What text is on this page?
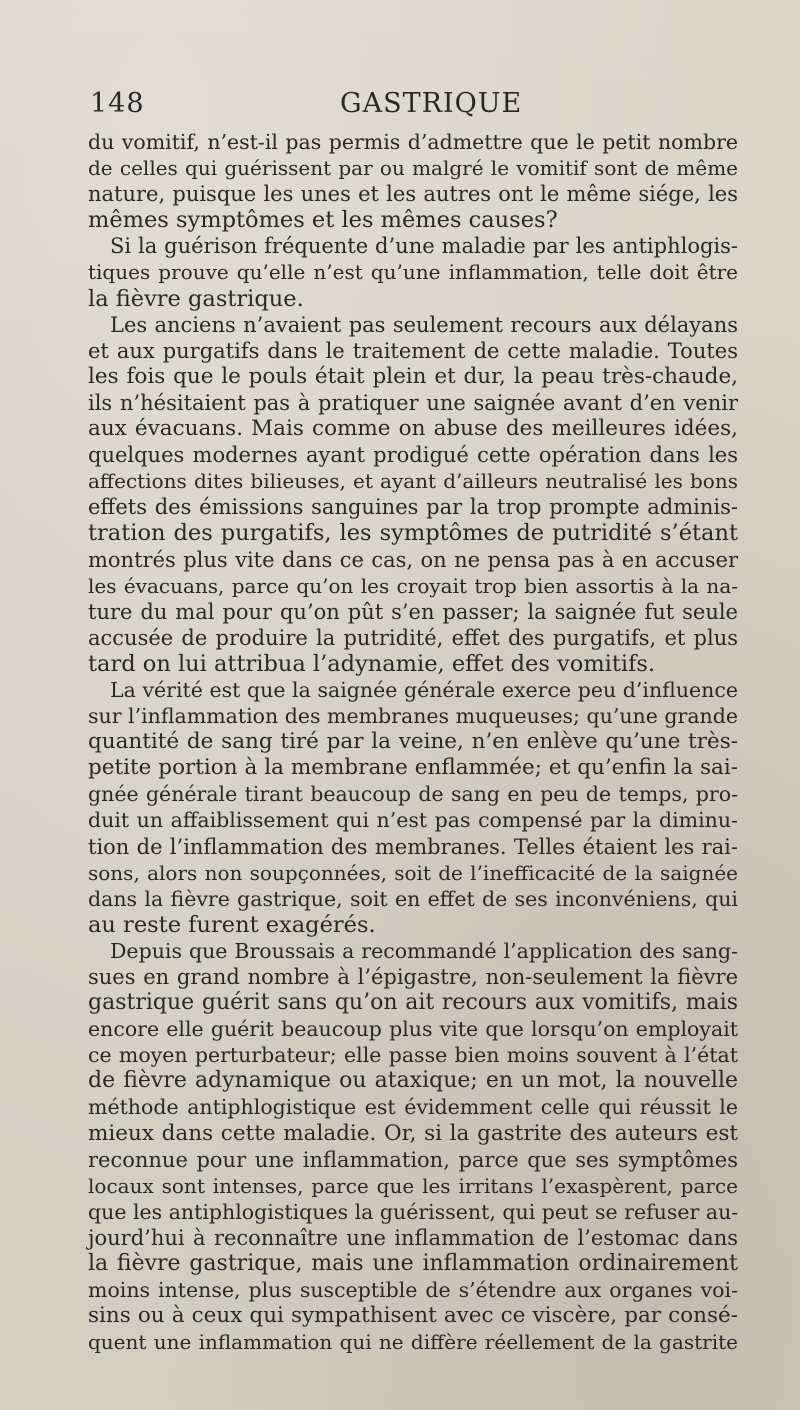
148	GASTRIQUE
du vomitif, n’est-il pas permis d’admettre que le petit nombre
de celles qui guérissent par ou malgré le vomitif sont de même
nature, puisque les unes et les autres ont le même siége, les
mêmes symptômes et les mêmes causes?
Si la guérison fréquente d’une maladie par les antiphlogis-
tiques prouve qu’elle n’est qu’une inflammation, telle doit être
la fièvre gastrique.
Les anciens n’avaient pas seulement recours aux délayans
et aux purgatifs dans le traitement de cette maladie. Toutes
les fois que le pouls était plein et dur, la peau très-chaude,
ils n’hésitaient pas à pratiquer une saignée avant d’en venir
aux évacuans. Mais comme on abuse des meilleures idées,
quelques modernes ayant prodigué cette opération dans les
affections dites bilieuses, et ayant d’ailleurs neutralisé les bons
effets des émissions sanguines par la trop prompte adminis-
tration des purgatifs, les symptômes de putridité s’étant
montrés plus vite dans ce cas, on ne pensa pas à en accuser
les évacuans, parce qu’on les croyait trop bien assortis à la na-
ture du mal pour qu’on pût s’en passer; la saignée fut seule
accusée de produire la putridité, effet des purgatifs, et plus
tard on lui attribua l’adynamie, effet des vomitifs.
La vérité est que la saignée générale exerce peu d’influence
sur l’inflammation des membranes muqueuses; qu’une grande
quantité de sang tiré par la veine, n’en enlève qu’une très-
petite portion à la membrane enflammée; et qu’enfin la sai-
gnée générale tirant beaucoup de sang en peu de temps, pro-
duit un affaiblissement qui n’est pas compensé par la diminu-
tion de l’inflammation des membranes. Telles étaient les rai-
sons, alors non soupçonnées, soit de l’inefficacité de la saignée
dans la fièvre gastrique, soit en effet de ses inconvéniens, qui
au reste furent exagérés.
Depuis que Broussais a recommandé l’application des sang-
sues en grand nombre à l’épigastre, non-seulement la fièvre
gastrique guérit sans qu’on ait recours aux vomitifs, mais
encore elle guérit beaucoup plus vite que lorsqu’on employait
ce moyen perturbateur; elle passe bien moins souvent à l’état
de fièvre adynamique ou ataxique; en un mot, la nouvelle
méthode antiphlogistique est évidemment celle qui réussit le
mieux dans cette maladie. Or, si la gastrite des auteurs est
reconnue pour une inflammation, parce que ses symptômes
locaux sont intenses, parce que les irritans l’exaspèrent, parce
que les antiphlogistiques la guérissent, qui peut se refuser au-
jourd’hui à reconnaître une inflammation de l’estomac dans
la fièvre gastrique, mais une inflammation ordinairement
moins intense, plus susceptible de s’étendre aux organes voi-
sins ou à ceux qui sympathisent avec ce viscère, par consé-
quent une inflammation qui ne diffère réellement de la gastrite
